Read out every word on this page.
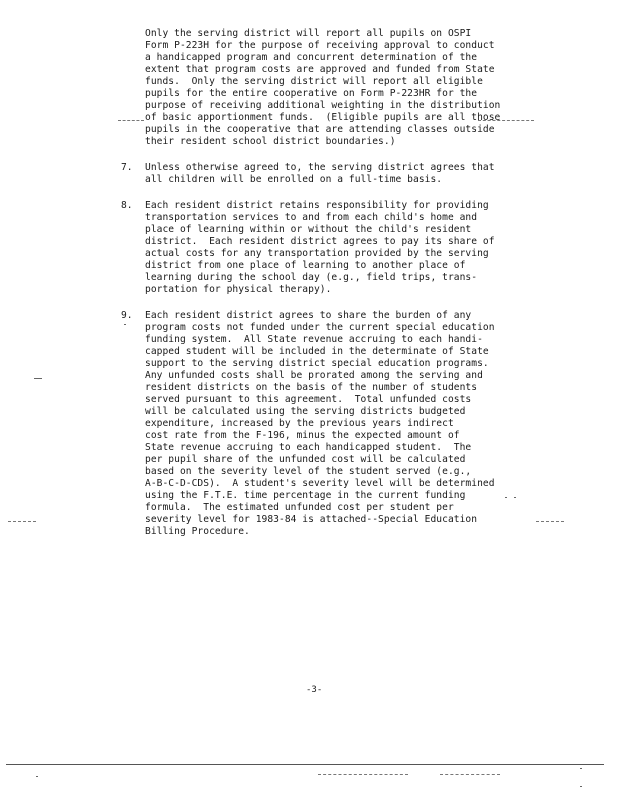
Only the serving district will report all pupils on OSPI
Form P-223H for the purpose of receiving approval to conduct
a handicapped program and concurrent determination of the
extent that program costs are approved and funded from State
funds.  Only the serving district will report all eligible
pupils for the entire cooperative on Form P-223HR for the
purpose of receiving additional weighting in the distribution
of basic apportionment funds.  (Eligible pupils are all those
pupils in the cooperative that are attending classes outside
their resident school district boundaries.)
7. Unless otherwise agreed to, the serving district agrees that
all children will be enrolled on a full-time basis.
8. Each resident district retains responsibility for providing
transportation services to and from each child's home and
place of learning within or without the child's resident
district.  Each resident district agrees to pay its share of
actual costs for any transportation provided by the serving
district from one place of learning to another place of
learning during the school day (e.g., field trips, trans-
portation for physical therapy).
9. Each resident district agrees to share the burden of any
program costs not funded under the current special education
funding system.  All State revenue accruing to each handi-
capped student will be included in the determinate of State
support to the serving district special education programs.
Any unfunded costs shall be prorated among the serving and
resident districts on the basis of the number of students
served pursuant to this agreement.  Total unfunded costs
will be calculated using the serving districts budgeted
expenditure, increased by the previous years indirect
cost rate from the F-196, minus the expected amount of
State revenue accruing to each handicapped student.  The
per pupil share of the unfunded cost will be calculated
based on the severity level of the student served (e.g.,
A-B-C-D-CDS).  A student's severity level will be determined
using the F.T.E. time percentage in the current funding
formula.  The estimated unfunded cost per student per
severity level for 1983-84 is attached--Special Education
Billing Procedure.
-3-
